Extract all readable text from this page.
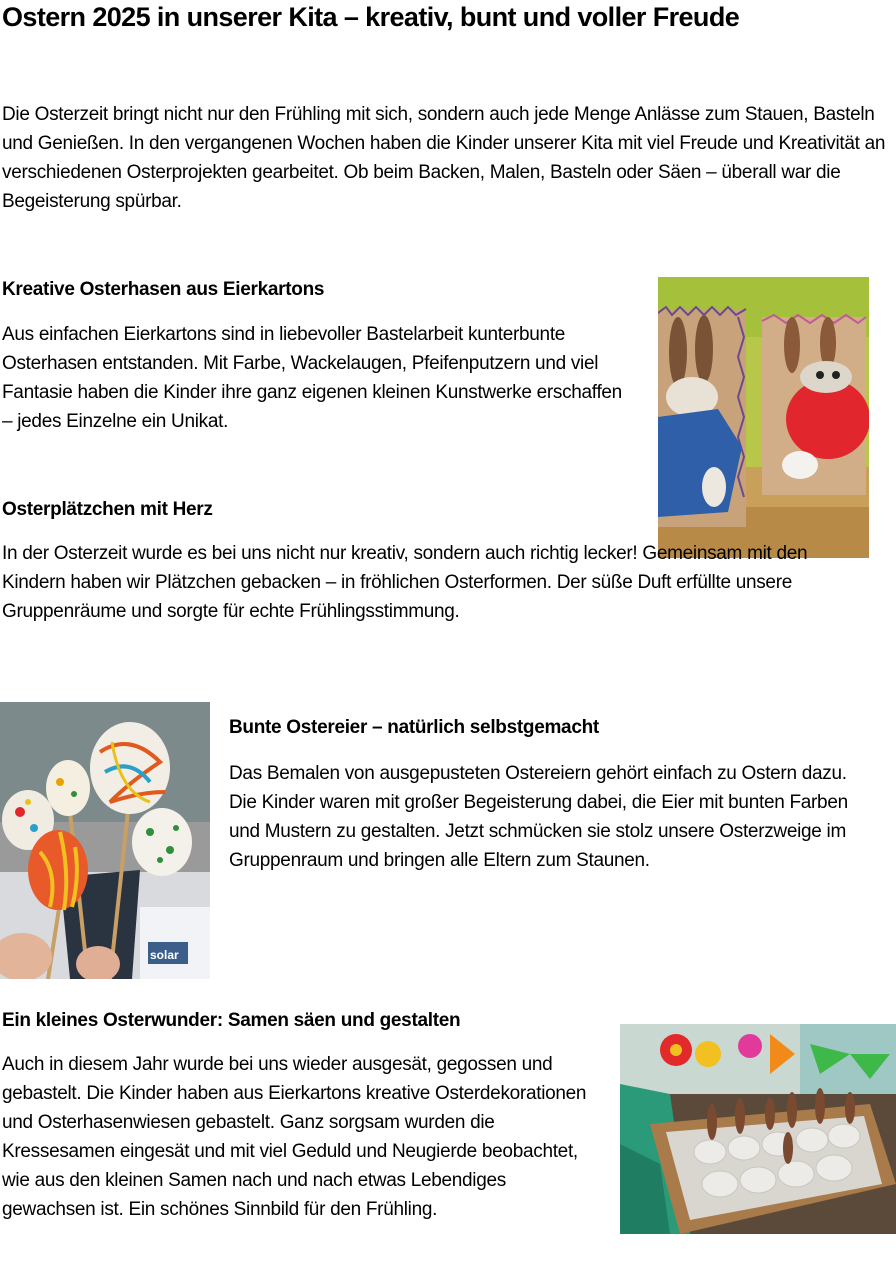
Ostern 2025 in unserer Kita – kreativ, bunt und voller Freude

Die Osterzeit bringt nicht nur den Frühling mit sich, sondern auch jede Menge Anlässe zum Stauen, Basteln und Genießen. In den vergangenen Wochen haben die Kinder unserer Kita mit viel Freude und Kreativität an verschiedenen Osterprojekten gearbeitet. Ob beim Backen, Malen, Basteln oder Säen – überall war die Begeisterung spürbar.

Kreative Osterhasen aus Eierkartons

Aus einfachen Eierkartons sind in liebevoller Bastelarbeit kunterbunte Osterhasen entstanden. Mit Farbe, Wackelaugen, Pfeifenputzern und viel Fantasie haben die Kinder ihre ganz eigenen kleinen Kunstwerke erschaffen – jedes Einzelne ein Unikat.

Osterplätzchen mit Herz

In der Osterzeit wurde es bei uns nicht nur kreativ, sondern auch richtig lecker! Gemeinsam mit den Kindern haben wir Plätzchen gebacken – in fröhlichen Osterformen. Der süße Duft erfüllte unsere Gruppenräume und sorgte für echte Frühlingsstimmung.

solar
Bunte Ostereier – natürlich selbstgemacht

Das Bemalen von ausgepusteten Ostereiern gehört einfach zu Ostern dazu. Die Kinder waren mit großer Begeisterung dabei, die Eier mit bunten Farben und Mustern zu gestalten. Jetzt schmücken sie stolz unsere Osterzweige im Gruppenraum und bringen alle Eltern zum Staunen.

Ein kleines Osterwunder: Samen säen und gestalten

Auch in diesem Jahr wurde bei uns wieder ausgesät, gegossen und gebastelt. Die Kinder haben aus Eierkartons kreative Osterdekorationen und Osterhasenwiesen gebastelt. Ganz sorgsam wurden die Kressesamen eingesät und mit viel Geduld und Neugierde beobachtet, wie aus den kleinen Samen nach und nach etwas Lebendiges gewachsen ist. Ein schönes Sinnbild für den Frühling.
